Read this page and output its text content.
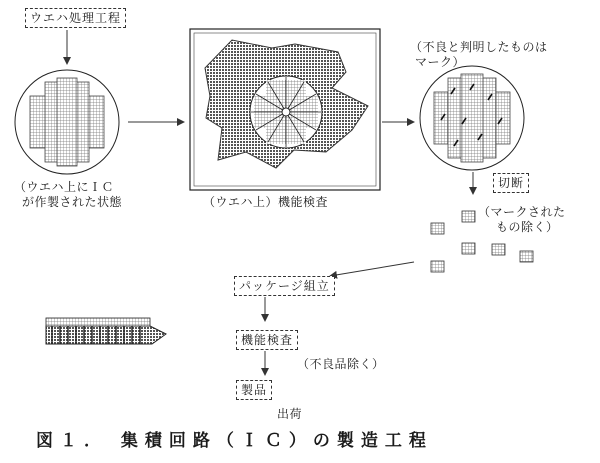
ウエハ処理工程
（ウエハ上にＩＣ
が作製された状態	（ウエハ上）機能検査
（不良と判明したものは
マーク）
切断
（マークされた
もの除く）
パッケージ組立
機能検査
（不良品除く）
製品
出荷
図１． 集積回路（ＩＣ）の製造工程
